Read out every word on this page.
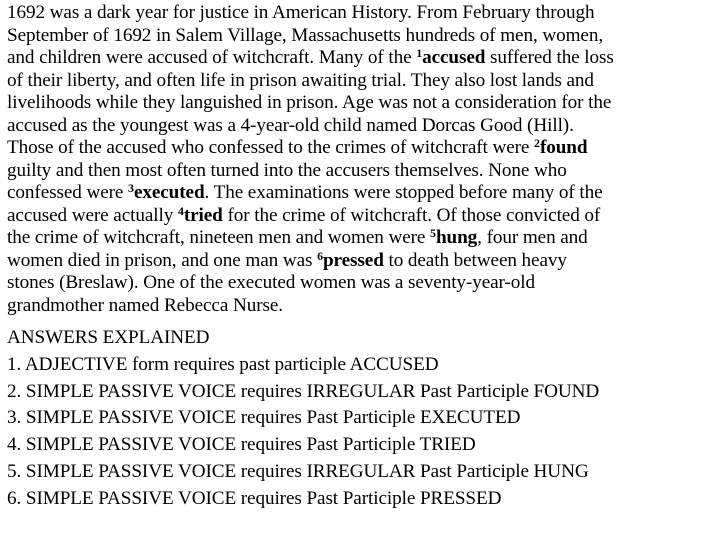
1692 was a dark year for justice in American History. From February through
September of 1692 in Salem Village, Massachusetts hundreds of men, women,
and children were accused of witchcraft. Many of the $^1$accused suffered the loss
of their liberty, and often life in prison awaiting trial. They also lost lands and
livelihoods while they languished in prison. Age was not a consideration for the
accused as the youngest was a 4-year-old child named Dorcas Good (Hill).
Those of the accused who confessed to the crimes of witchcraft were $^2$found
guilty and then most often turned into the accusers themselves. None who
confessed were $^3$executed. The examinations were stopped before many of the
accused were actually $^4$tried for the crime of witchcraft. Of those convicted of
the crime of witchcraft, nineteen men and women were $^5$hung, four men and
women died in prison, and one man was $^6$pressed to death between heavy
stones (Breslaw). One of the executed women was a seventy-year-old
grandmother named Rebecca Nurse.
ANSWERS EXPLAINED
1. ADJECTIVE form requires past participle ACCUSED
2. SIMPLE PASSIVE VOICE requires IRREGULAR Past Participle FOUND
3. SIMPLE PASSIVE VOICE requires Past Participle EXECUTED
4. SIMPLE PASSIVE VOICE requires Past Participle TRIED
5. SIMPLE PASSIVE VOICE requires IRREGULAR Past Participle HUNG
6. SIMPLE PASSIVE VOICE requires Past Participle PRESSED
